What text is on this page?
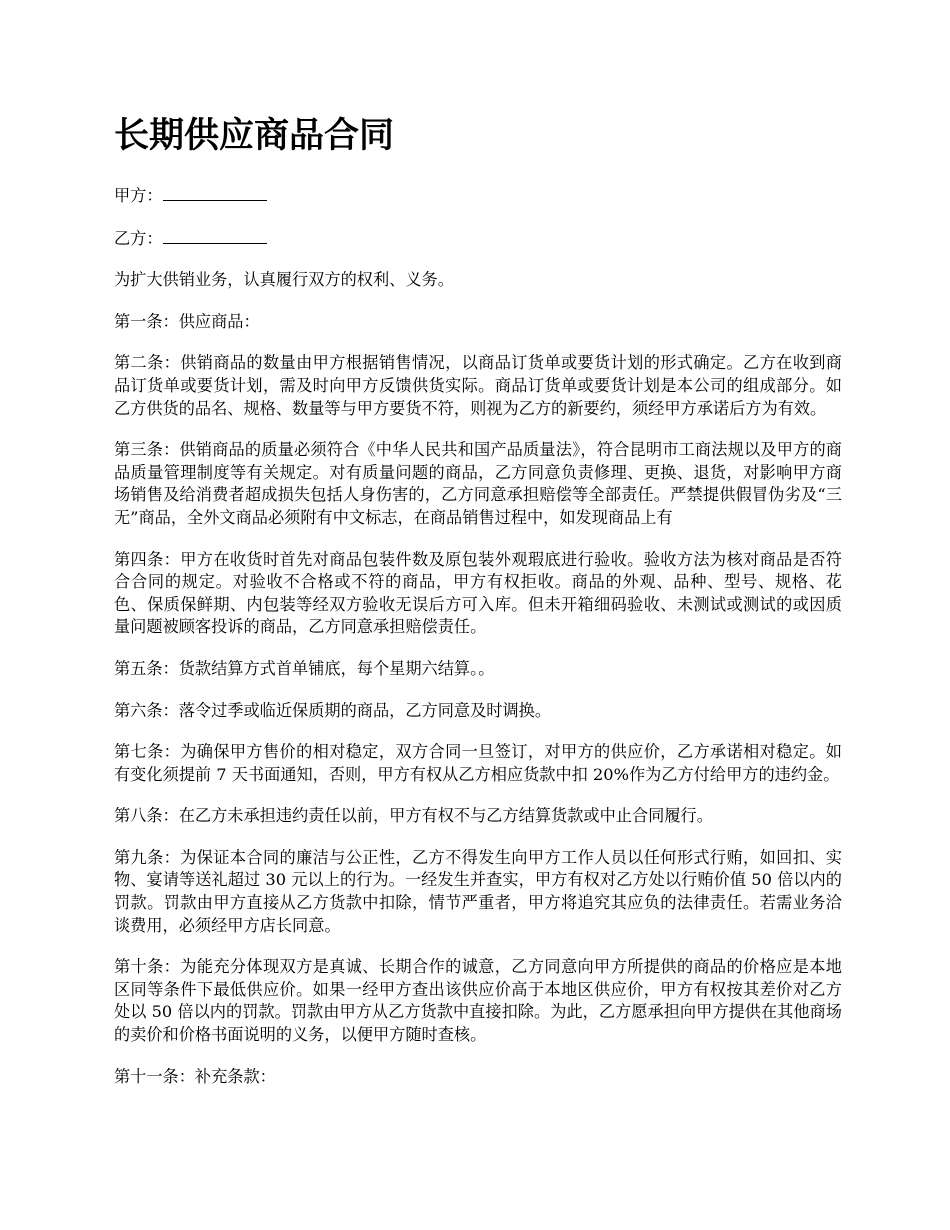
长期供应商品合同
甲方：
乙方：

为扩大供销业务，认真履行双方的权利、义务。

第一条：供应商品：

第二条：供销商品的数量由甲方根据销售情况，以商品订货单或要货计划的形式确定。乙方在收到商品订货单或要货计划，需及时向甲方反馈供货实际。商品订货单或要货计划是本公司的组成部分。如乙方供货的品名、规格、数量等与甲方要货不符，则视为乙方的新要约，须经甲方承诺后方为有效。

第三条：供销商品的质量必须符合《中华人民共和国产品质量法》，符合昆明市工商法规以及甲方的商品质量管理制度等有关规定。对有质量问题的商品，乙方同意负责修理、更换、退货，对影响甲方商场销售及给消费者超成损失包括人身伤害的，乙方同意承担赔偿等全部责任。严禁提供假冒伪劣及“三无”商品，全外文商品必须附有中文标志，在商品销售过程中，如发现商品上有

第四条：甲方在收货时首先对商品包装件数及原包装外观瑕底进行验收。验收方法为核对商品是否符合合同的规定。对验收不合格或不符的商品，甲方有权拒收。商品的外观、品种、型号、规格、花色、保质保鲜期、内包装等经双方验收无误后方可入库。但未开箱细码验收、未测试或测试的或因质量问题被顾客投诉的商品，乙方同意承担赔偿责任。

第五条：货款结算方式首单铺底，每个星期六结算。。

第六条：落令过季或临近保质期的商品，乙方同意及时调换。

第七条：为确保甲方售价的相对稳定，双方合同一旦签订，对甲方的供应价，乙方承诺相对稳定。如有变化须提前 7 天书面通知，否则，甲方有权从乙方相应货款中扣 20%作为乙方付给甲方的违约金。

第八条：在乙方未承担违约责任以前，甲方有权不与乙方结算货款或中止合同履行。

第九条：为保证本合同的廉洁与公正性，乙方不得发生向甲方工作人员以任何形式行贿，如回扣、实物、宴请等送礼超过 30 元以上的行为。一经发生并查实，甲方有权对乙方处以行贿价值 50 倍以内的罚款。罚款由甲方直接从乙方货款中扣除，情节严重者，甲方将追究其应负的法律责任。若需业务洽谈费用，必须经甲方店长同意。

第十条：为能充分体现双方是真诚、长期合作的诚意，乙方同意向甲方所提供的商品的价格应是本地区同等条件下最低供应价。如果一经甲方查出该供应价高于本地区供应价，甲方有权按其差价对乙方处以 50 倍以内的罚款。罚款由甲方从乙方货款中直接扣除。为此，乙方愿承担向甲方提供在其他商场的卖价和价格书面说明的义务，以便甲方随时查核。

第十一条：补充条款：
